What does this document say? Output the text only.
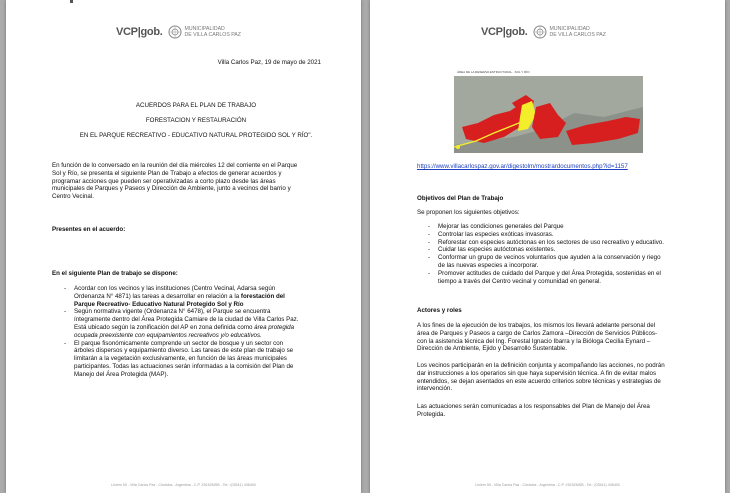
VCP|gob.	MUNICIPALIDAD
DE VILLA CARLOS PAZ
Villa Carlos Paz, 19 de mayo de 2021
ACUERDOS PARA EL PLAN DE TRABAJO
FORESTACION Y RESTAURACIÓN
EN EL PARQUE RECREATIVO - EDUCATIVO NATURAL PROTEGIDO SOL Y RÍO".
En función de lo conversado en la reunión del día miércoles 12 del corriente en el Parque
Sol y Río, se presenta el siguiente Plan de Trabajo a efectos de generar acuerdos y
programar acciones que pueden ser operativizadas a corto plazo desde las áreas
municipales de Parques y Paseos y Dirección de Ambiente, junto a vecinos del barrio y
Centro Vecinal.
Presentes en el acuerdo:
En el siguiente Plan de trabajo se dispone:
- Acordar con los vecinos y las instituciones (Centro Vecinal, Adarsa según
Ordenanza N° 4871) las tareas a desarrollar en relación a la forestación del
Parque Recreativo- Educativo Natural Protegido Sol y Río
- Según normativa vigente (Ordenanza N° 6478), el Parque se encuentra
íntegramente dentro del Área Protegida Camiare de la ciudad de Villa Carlos Paz.
Está ubicado según la zonificación del AP en zona definida como área protegida
ocupada preexistente con equipamientos recreativos y/o educativos.
- El parque fisonómicamente comprende un sector de bosque y un sector con
árboles dispersos y equipamiento diverso. Las tareas de este plan de trabajo se
limitarán a la vegetación exclusivamente, en función de las áreas municipales
participantes. Todas las actuaciones serán informadas a la comisión del Plan de
Manejo del Área Protegida (MAP).
Liniers 50 - Villa Carlos Paz - Córdoba - Argentina - C.P. X5152MSB - Tel.: (03541) 436400
VCP|gob.	MUNICIPALIDAD
DE VILLA CARLOS PAZ
ÁREA DE LA RESERVA ESTRUCTURAL - SOL Y RÍO
https://www.villacarlospaz.gov.ar/digestolm/mostrardocumentos.php?id=1157
Objetivos del Plan de Trabajo
Se proponen los siguientes objetivos:
- Mejorar las condiciones generales del Parque
- Controlar las especies exóticas invasoras.
- Reforestar con especies autóctonas en los sectores de uso recreativo y educativo.
- Cuidar las especies autóctonas existentes.
- Conformar un grupo de vecinos voluntarios que ayuden a la conservación y riego
de las nuevas especies a incorporar.
- Promover actitudes de cuidado del Parque y del Área Protegida, sostenidas en el
tiempo a través del Centro vecinal y comunidad en general.
Actores y roles
A los fines de la ejecución de los trabajos, los mismos los llevará adelante personal del
área de Parques y Paseos a cargo de Carlos Zamora –Dirección de Servicios Públicos-
con la asistencia técnica del Ing. Forestal Ignacio Ibarra y la Bióloga Cecilia Eynard –
Dirección de Ambiente, Ejido y Desarrollo Sustentable.
Los vecinos participarán en la definición conjunta y acompañando las acciones, no podrán
dar instrucciones a los operarios sin que haya supervisión técnica. A fin de evitar malos
entendidos, se dejan asentados en este acuerdo criterios sobre técnicas y estrategias de
intervención.
Las actuaciones serán comunicadas a los responsables del Plan de Manejo del Área
Protegida.
Liniers 50 - Villa Carlos Paz - Córdoba - Argentina - C.P. X5152MSB - Tel.: (03541) 436400
